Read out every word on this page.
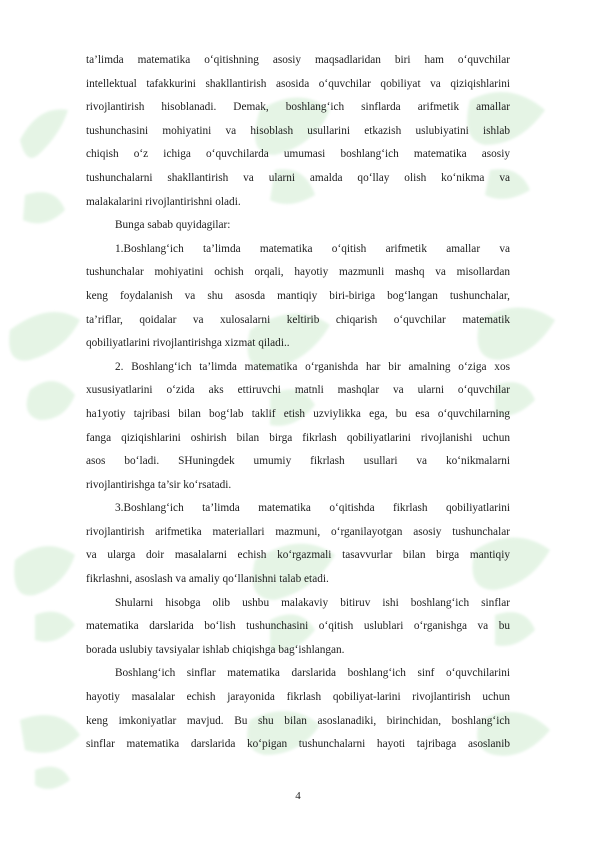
ta’limda matematika o‘qitishning asosiy maqsadlaridan biri ham o‘quvchilar
intellektual tafakkurini shakllantirish asosida o‘quvchilar qobiliyat va qiziqishlarini
rivojlantirish hisoblanadi. Demak, boshlang‘ich sinflarda arifmetik amallar
tushunchasini mohiyatini va hisoblash usullarini etkazish uslubiyatini ishlab
chiqish o‘z ichiga o‘quvchilarda umumasi boshlang‘ich matematika asosiy
tushunchalarni shakllantirish va ularni amalda qo‘llay olish ko‘nikma va
malakalarini rivojlantirishni oladi.
Bunga sabab quyidagilar:
1.Boshlang‘ich ta’limda matematika o‘qitish arifmetik amallar va
tushunchalar mohiyatini ochish orqali, hayotiy mazmunli mashq va misollardan
keng foydalanish va shu asosda mantiqiy biri-biriga bog‘langan tushunchalar,
ta’riflar, qoidalar va xulosalarni keltirib chiqarish o‘quvchilar matematik
qobiliyatlarini rivojlantirishga xizmat qiladi..
2. Boshlang‘ich ta’limda matematika o‘rganishda har bir amalning o‘ziga xos
xususiyatlarini o‘zida aks ettiruvchi matnli mashqlar va ularni o‘quvchilar
ha1yotiy tajribasi bilan bog‘lab taklif etish uzviylikka ega, bu esa o‘quvchilarning
fanga qiziqishlarini oshirish bilan birga fikrlash qobiliyatlarini rivojlanishi uchun
asos bo‘ladi. SHuningdek umumiy fikrlash usullari va ko‘nikmalarni
rivojlantirishga ta’sir ko‘rsatadi.
3.Boshlang‘ich ta’limda matematika o‘qitishda fikrlash qobiliyatlarini
rivojlantirish arifmetika materiallari mazmuni, o‘rganilayotgan asosiy tushunchalar
va ularga doir masalalarni echish ko‘rgazmali tasavvurlar bilan birga mantiqiy
fikrlashni, asoslash va amaliy qo‘llanishni talab etadi.
Shularni hisobga olib ushbu malakaviy bitiruv ishi boshlang‘ich sinflar
matematika darslarida bo‘lish tushunchasini o‘qitish uslublari o‘rganishga va bu
borada uslubiy tavsiyalar ishlab chiqishga bag‘ishlangan.
Boshlang‘ich sinflar matematika darslarida boshlang‘ich sinf o‘quvchilarini
hayotiy masalalar echish jarayonida fikrlash qobiliyat-larini rivojlantirish uchun
keng imkoniyatlar mavjud. Bu shu bilan asoslanadiki, birinchidan, boshlang‘ich
sinflar matematika darslarida ko‘pigan tushunchalarni hayoti tajribaga asoslanib
4
